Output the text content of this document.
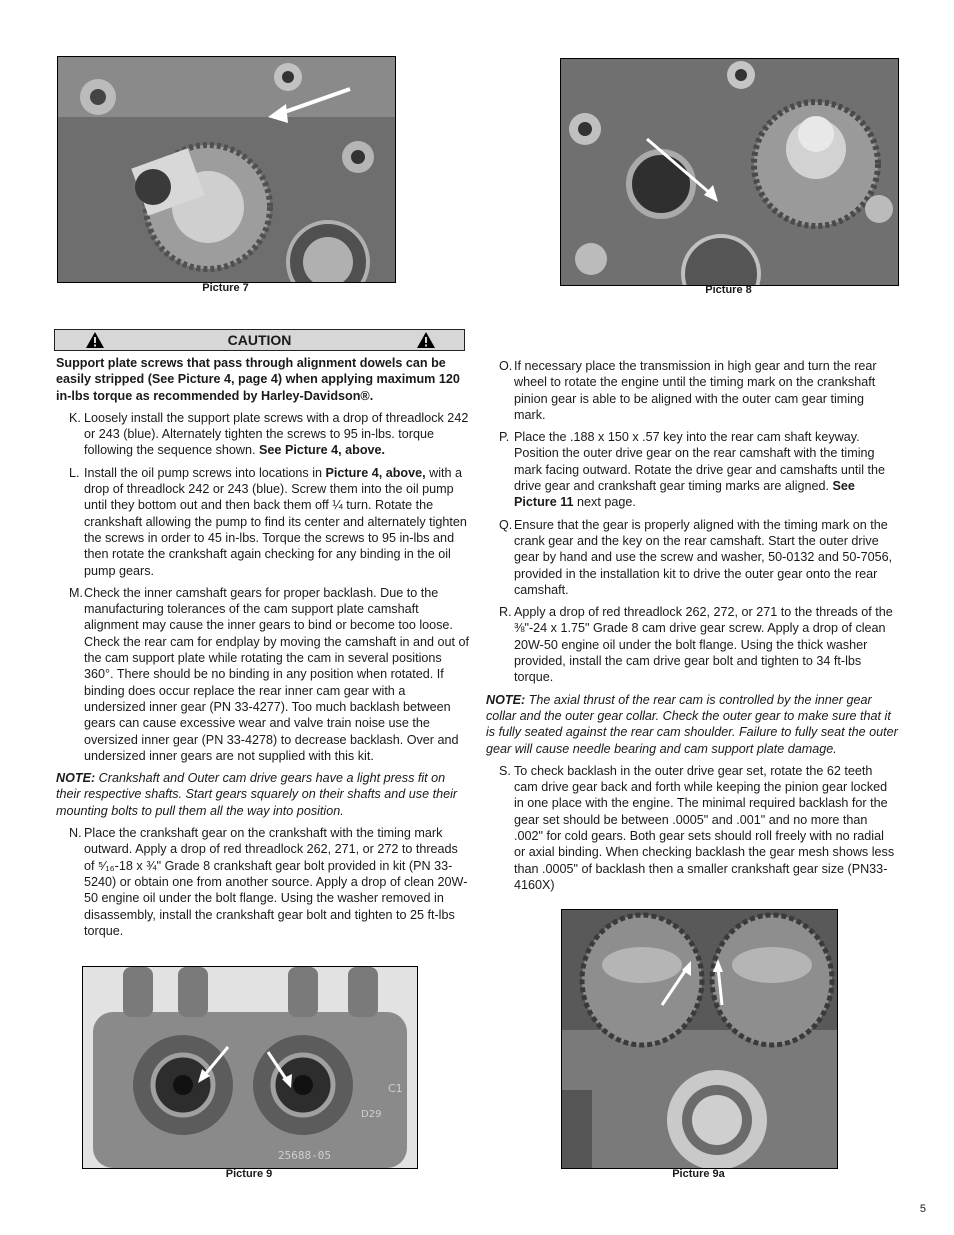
Picture 7	Picture 8
CAUTION

Support plate screws that pass through alignment dowels can be easily stripped (See Picture 4, page 4) when applying maximum 120 in-lbs torque as recommended by Harley-Davidson®.

K. Loosely install the support plate screws with a drop of threadlock 242 or 243 (blue). Alternately tighten the screws to 95 in-lbs. torque following the sequence shown. See Picture 4, above.
L. Install the oil pump screws into locations in Picture 4, above, with a drop of threadlock 242 or 243 (blue). Screw them into the oil pump until they bottom out and then back them off ¼ turn. Rotate the crankshaft allowing the pump to find its center and alternately tighten the screws in order to 45 in-lbs. Torque the screws to 95 in-lbs and then rotate the crankshaft again checking for any binding in the oil pump gears.
M. Check the inner camshaft gears for proper backlash. Due to the manufacturing tolerances of the cam support plate camshaft alignment may cause the inner gears to bind or become too loose. Check the rear cam for endplay by moving the camshaft in and out of the cam support plate while rotating the cam in several positions 360°. There should be no binding in any position when rotated. If binding does occur replace the rear inner cam gear with a undersized inner gear (PN 33-4277). Too much backlash between gears can cause excessive wear and valve train noise use the oversized inner gear (PN 33-4278) to decrease backlash. Over and undersized inner gears are not supplied with this kit.

NOTE: Crankshaft and Outer cam drive gears have a light press fit on their respective shafts. Start gears squarely on their shafts and use their mounting bolts to pull them all the way into position.

N. Place the crankshaft gear on the crankshaft with the timing mark outward. Apply a drop of red threadlock 262, 271, or 272 to threads of ⁵⁄₁₆-18 x ¾" Grade 8 crankshaft gear bolt provided in kit (PN 33-5240) or obtain one from another source. Apply a drop of clean 20W-50 engine oil under the bolt flange. Using the washer removed in disassembly, install the crankshaft gear bolt and tighten to 25 ft-lbs torque.
O. If necessary place the transmission in high gear and turn the rear wheel to rotate the engine until the timing mark on the crankshaft pinion gear is able to be aligned with the outer cam gear timing mark.
P. Place the .188 x 150 x .57 key into the rear cam shaft keyway. Position the outer drive gear on the rear camshaft with the timing mark facing outward. Rotate the drive gear and camshafts until the drive gear and crankshaft gear timing marks are aligned. See Picture 11 next page.
Q. Ensure that the gear is properly aligned with the timing mark on the crank gear and the key on the rear camshaft. Start the outer drive gear by hand and use the screw and washer, 50-0132 and 50-7056, provided in the installation kit to drive the outer gear onto the rear camshaft.
R. Apply a drop of red threadlock 262, 272, or 271 to the threads of the ⅜"-24 x 1.75" Grade 8 cam drive gear screw. Apply a drop of clean 20W-50 engine oil under the bolt flange. Using the thick washer provided, install the cam drive gear bolt and tighten to 34 ft-lbs torque.

NOTE: The axial thrust of the rear cam is controlled by the inner gear collar and the outer gear collar. Check the outer gear to make sure that it is fully seated against the rear cam shoulder. Failure to fully seat the outer gear will cause needle bearing and cam support plate damage.

S. To check backlash in the outer drive gear set, rotate the 62 teeth cam drive gear back and forth while keeping the pinion gear locked in one place with the engine. The minimal required backlash for the gear set should be between .0005" and .001" and no more than .002" for cold gears. Both gear sets should roll freely with no radial or axial binding. When checking backlash the gear mesh shows less than .0005" of backlash then a smaller crankshaft gear size (PN33-4160X)
25688-05
C1
D29
Picture 9	Picture 9a
5
